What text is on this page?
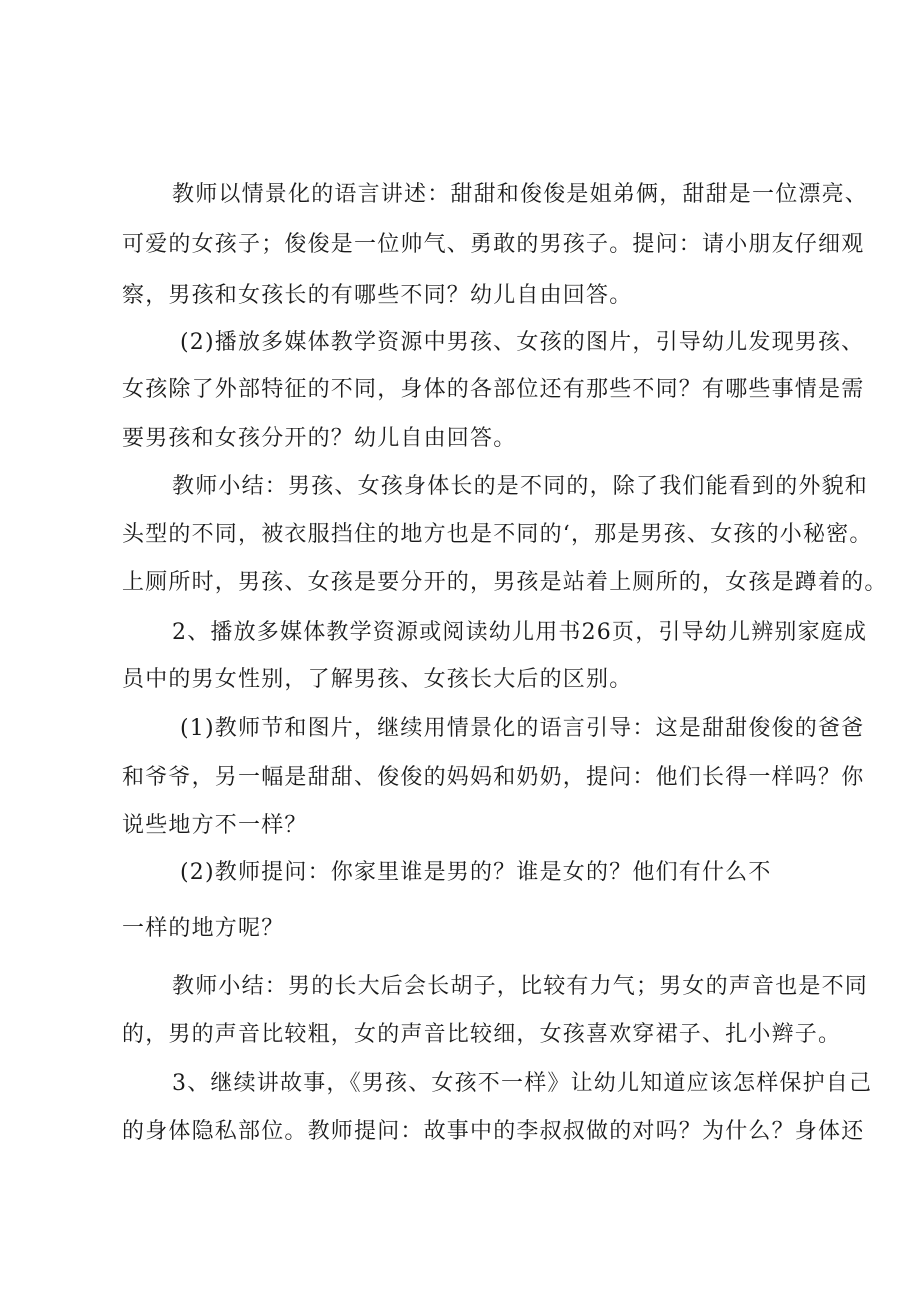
教师以情景化的语言讲述：甜甜和俊俊是姐弟俩，甜甜是一位漂亮、
可爱的女孩子；俊俊是一位帅气、勇敢的男孩子。提问：请小朋友仔细观
察，男孩和女孩长的有哪些不同？幼儿自由回答。
(2)播放多媒体教学资源中男孩、女孩的图片，引导幼儿发现男孩、
女孩除了外部特征的不同，身体的各部位还有那些不同？有哪些事情是需
要男孩和女孩分开的？幼儿自由回答。
教师小结：男孩、女孩身体长的是不同的，除了我们能看到的外貌和
头型的不同，被衣服挡住的地方也是不同的‘，那是男孩、女孩的小秘密。
上厕所时，男孩、女孩是要分开的，男孩是站着上厕所的，女孩是蹲着的。
2、播放多媒体教学资源或阅读幼儿用书26页，引导幼儿辨别家庭成
员中的男女性别，了解男孩、女孩长大后的区别。
(1)教师节和图片，继续用情景化的语言引导：这是甜甜俊俊的爸爸
和爷爷，另一幅是甜甜、俊俊的妈妈和奶奶，提问：他们长得一样吗？你
说些地方不一样？
(2)教师提问：你家里谁是男的？谁是女的？他们有什么不
一样的地方呢？
教师小结：男的长大后会长胡子，比较有力气；男女的声音也是不同
的，男的声音比较粗，女的声音比较细，女孩喜欢穿裙子、扎小辫子。
3、继续讲故事，《男孩、女孩不一样》让幼儿知道应该怎样保护自己
的身体隐私部位。教师提问：故事中的李叔叔做的对吗？为什么？身体还
